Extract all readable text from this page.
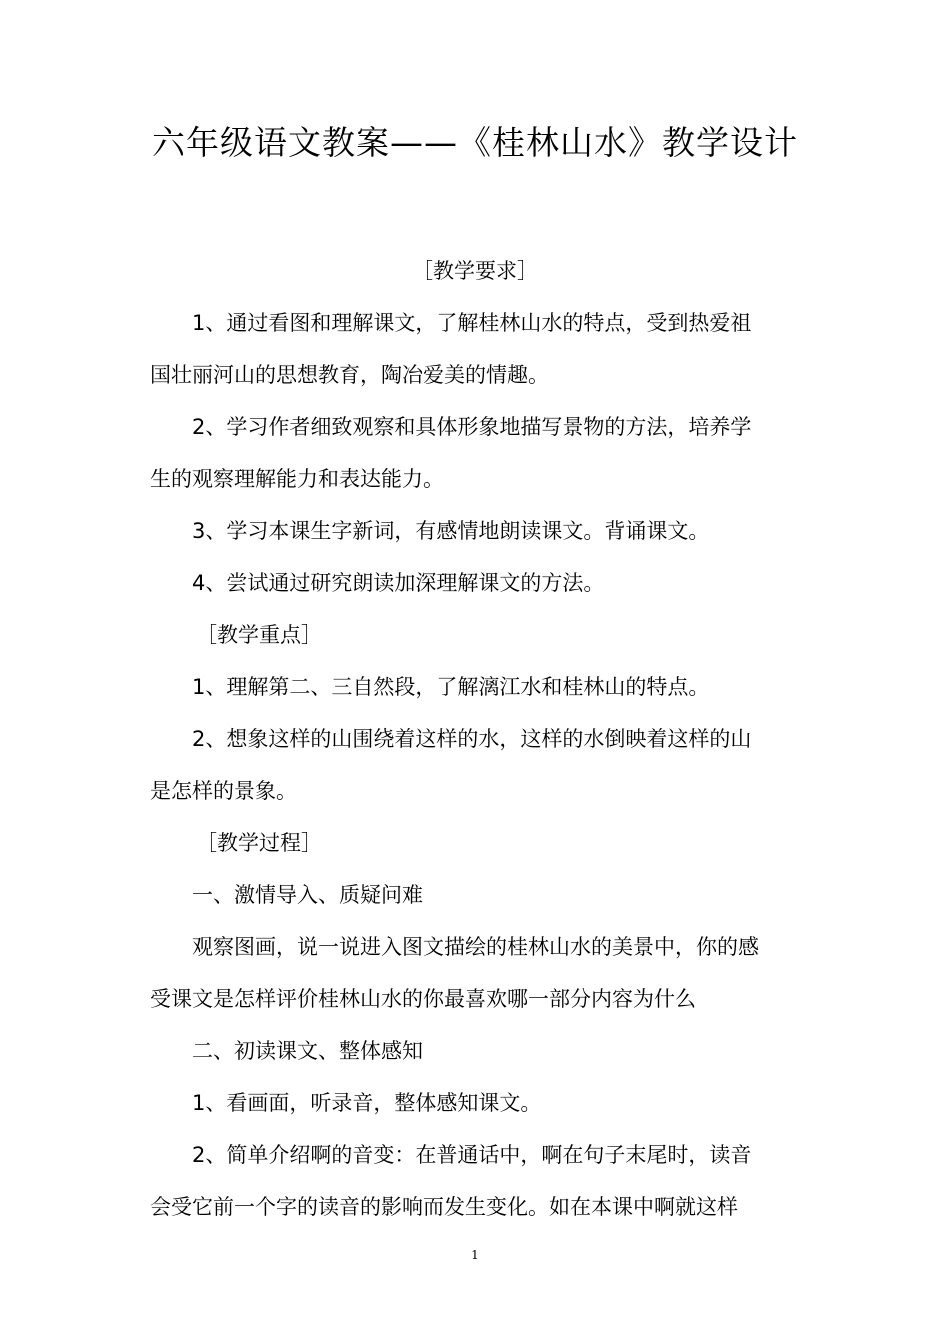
六年级语文教案——《桂林山水》教学设计
［教学要求］
1、通过看图和理解课文，了解桂林山水的特点，受到热爱祖
国壮丽河山的思想教育，陶冶爱美的情趣。
2、学习作者细致观察和具体形象地描写景物的方法，培养学
生的观察理解能力和表达能力。
3、学习本课生字新词，有感情地朗读课文。背诵课文。
4、尝试通过研究朗读加深理解课文的方法。
［教学重点］
1、理解第二、三自然段，了解漓江水和桂林山的特点。
2、想象这样的山围绕着这样的水，这样的水倒映着这样的山
是怎样的景象。
［教学过程］
一、激情导入、质疑问难
观察图画，说一说进入图文描绘的桂林山水的美景中，你的感
受课文是怎样评价桂林山水的你最喜欢哪一部分内容为什么
二、初读课文、整体感知
1、看画面，听录音，整体感知课文。
2、简单介绍啊的音变：在普通话中，啊在句子末尾时，读音
会受它前一个字的读音的影响而发生变化。如在本课中啊就这样
1
